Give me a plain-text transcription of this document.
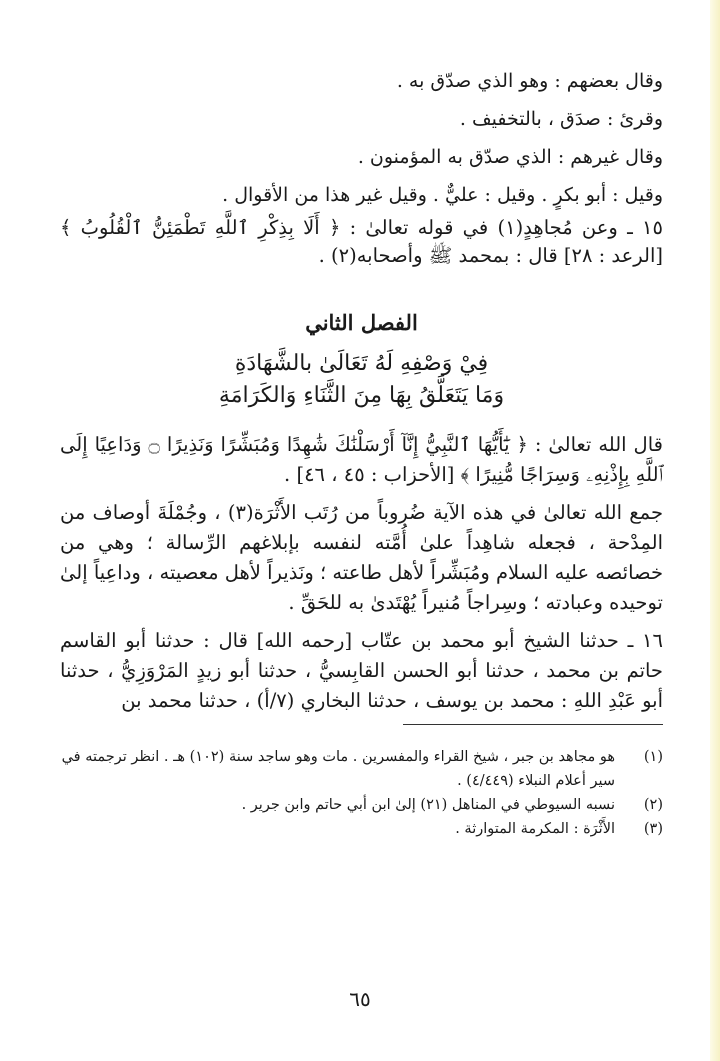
وقال بعضهم : وهو الذي صدّق به .
وقرئ : صدَق ، بالتخفيف .
وقال غيرهم : الذي صدّق به المؤمنون .
وقيل : أبو بكرٍ . وقيل : عليٌّ . وقيل غير هذا من الأقوال .
١٥ ـ وعن مُجاهِدٍ(١) في قوله تعالىٰ : ﴿ أَلَا بِذِكْرِ ٱللَّهِ تَطْمَئِنُّ ٱلْقُلُوبُ ﴾ [الرعد : ٢٨] قال : بمحمد ﷺ وأصحابه(٢) .
الفصل الثاني
فِيْ وَصْفِهِ لَهُ تَعَالَىٰ بالشَّهَادَةِ
وَمَا يَتَعَلَّقُ بِهَا مِنَ الثَّنَاءِ وَالكَرَامَةِ
قال الله تعالىٰ : ﴿ يَٰٓأَيُّهَا ٱلنَّبِيُّ إِنَّآ أَرْسَلْنَٰكَ شَٰهِدًا وَمُبَشِّرًا وَنَذِيرًا ۝ وَدَاعِيًا إِلَى ٱللَّهِ بِإِذْنِهِۦ وَسِرَاجًا مُّنِيرًا ﴾ [الأحزاب : ٤٥ ، ٤٦] .
جمع الله تعالىٰ في هذه الآية ضُروباً من رُتَب الأَثْرَة(٣) ، وجُمْلَةَ أوصاف من المِدْحة ، فجعله شاهِداً علىٰ أُمَّته لنفسه بإبلاغهم الرِّسالة ؛ وهي من خصائصه عليه السلام ومُبَشِّراً لأهل طاعته ؛ ونَذيراً لأهل معصيته ، وداعِياً إلىٰ توحيده وعبادته ؛ وسِراجاً مُنيراً يُهْتَدىٰ به للحَقِّ .
١٦ ـ حدثنا الشيخ أبو محمد بن عتّاب [رحمه الله] قال : حدثنا أبو القاسم حاتم بن محمد ، حدثنا أبو الحسن القابِسيُّ ، حدثنا أبو زيدٍ المَرْوَزِيُّ ، حدثنا أبو عَبْدِ اللهِ : محمد بن يوسف ، حدثنا البخاري (٧/أ) ، حدثنا محمد بن
(١)
هو مجاهد بن جبر ، شيخ القراء والمفسرين . مات وهو ساجد سنة (١٠٢) هـ . انظر ترجمته في سير أعلام النبلاء (٤/٤٤٩) .
(٢)
نسبه السيوطي في المناهل (٢١) إلىٰ ابن أبي حاتم وابن جرير .
(٣)
الأَثْرَة : المكرمة المتوارثة .
٦٥
